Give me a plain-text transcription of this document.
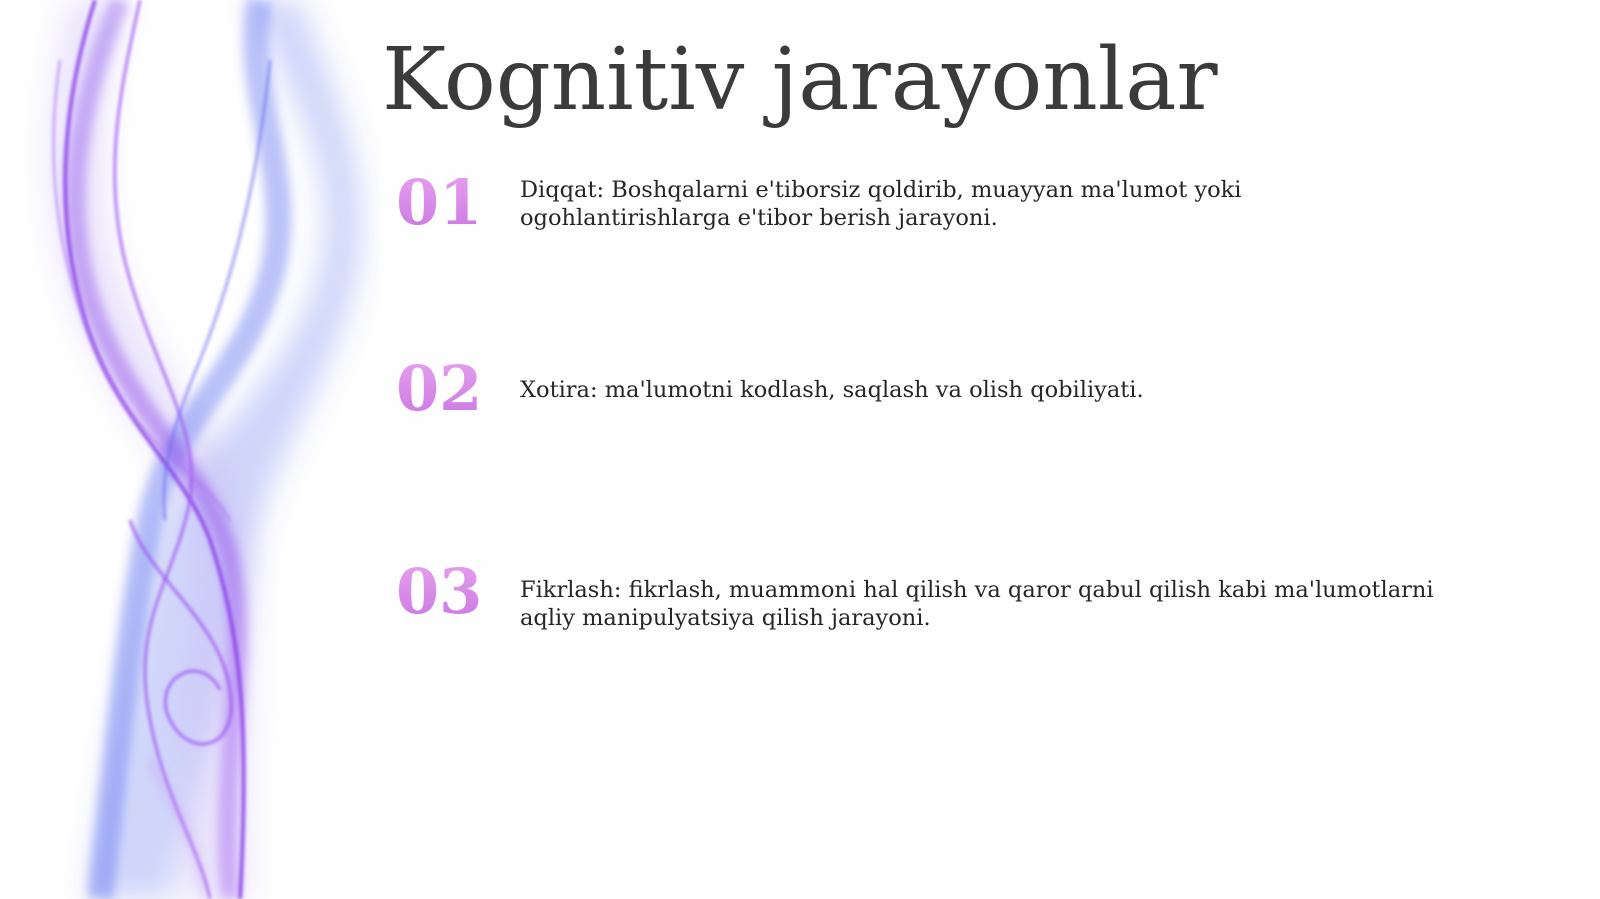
Kognitiv jarayonlar
01 Diqqat: Boshqalarni e'tiborsiz qoldirib, muayyan ma'lumot yoki ogohlantirishlarga e'tibor berish jarayoni.
02 Xotira: ma'lumotni kodlash, saqlash va olish qobiliyati.
03 Fikrlash: fikrlash, muammoni hal qilish va qaror qabul qilish kabi ma'lumotlarni aqliy manipulyatsiya qilish jarayoni.
